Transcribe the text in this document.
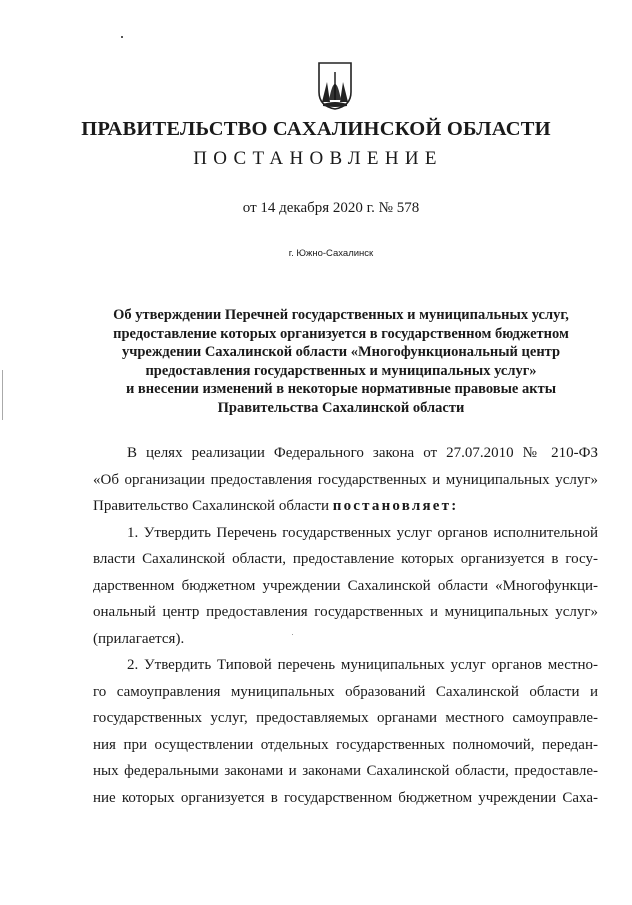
ПРАВИТЕЛЬСТВО САХАЛИНСКОЙ ОБЛАСТИ
ПОСТАНОВЛЕНИЕ
от 14 декабря 2020 г. № 578
г. Южно-Сахалинск
Об утверждении Перечней государственных и муниципальных услуг,
предоставление которых организуется в государственном бюджетном
учреждении Сахалинской области «Многофункциональный центр
предоставления государственных и муниципальных услуг»
и внесении изменений в некоторые нормативные правовые акты
Правительства Сахалинской области
В целях реализации Федерального закона от 27.07.2010 № 210-ФЗ
«Об организации предоставления государственных и муниципальных услуг»
Правительство Сахалинской области постановляет:
1. Утвердить Перечень государственных услуг органов исполнительной
власти Сахалинской области, предоставление которых организуется в госу-
дарственном бюджетном учреждении Сахалинской области «Многофункци-
ональный центр предоставления государственных и муниципальных услуг»
(прилагается).
2. Утвердить Типовой перечень муниципальных услуг органов местно-
го самоуправления муниципальных образований Сахалинской области и
государственных услуг, предоставляемых органами местного самоуправле-
ния при осуществлении отдельных государственных полномочий, передан-
ных федеральными законами и законами Сахалинской области, предоставле-
ние которых организуется в государственном бюджетном учреждении Саха-
